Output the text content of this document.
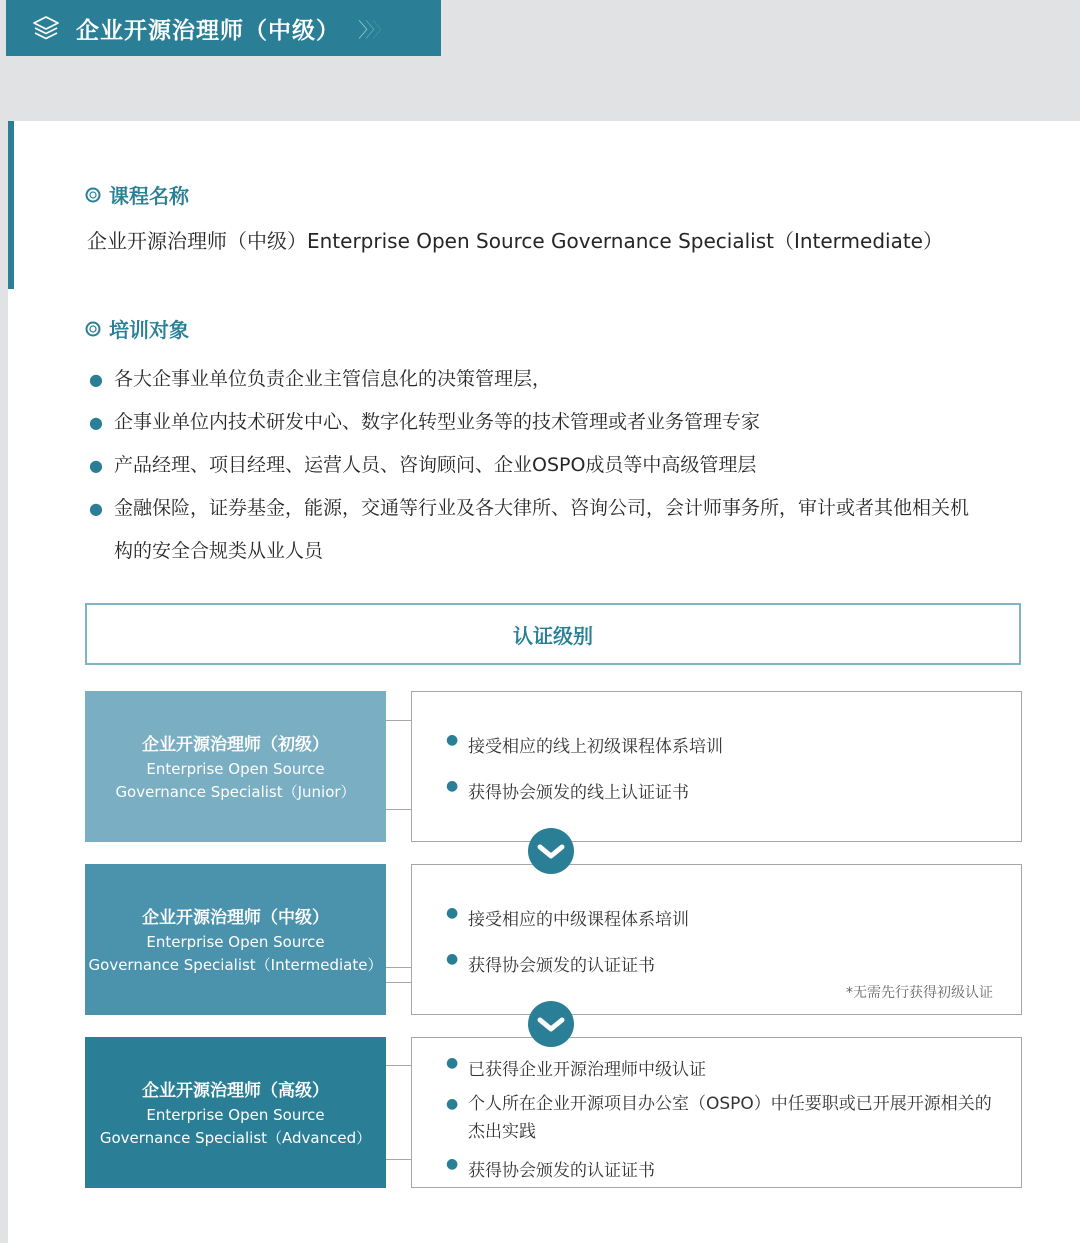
企业开源治理师（中级） 〉〉〉
课程名称
企业开源治理师（中级）Enterprise Open Source Governance Specialist（Intermediate）
培训对象
● 各大企事业单位负责企业主管信息化的决策管理层，
● 企事业单位内技术研发中心、数字化转型业务等的技术管理或者业务管理专家
● 产品经理、项目经理、运营人员、咨询顾问、企业OSPO成员等中高级管理层
● 金融保险，证券基金，能源，交通等行业及各大律所、咨询公司，会计师事务所，审计或者其他相关机构的安全合规类从业人员
认证级别
企业开源治理师（初级）
Enterprise Open Source
Governance Specialist（Junior）
● 接受相应的线上初级课程体系培训
● 获得协会颁发的线上认证证书
企业开源治理师（中级）
Enterprise Open Source
Governance Specialist（Intermediate）
● 接受相应的中级课程体系培训
● 获得协会颁发的认证证书
*无需先行获得初级认证
企业开源治理师（高级）
Enterprise Open Source
Governance Specialist（Advanced）
● 已获得企业开源治理师中级认证
● 个人所在企业开源项目办公室（OSPO）中任要职或已开展开源相关的杰出实践
● 获得协会颁发的认证证书
